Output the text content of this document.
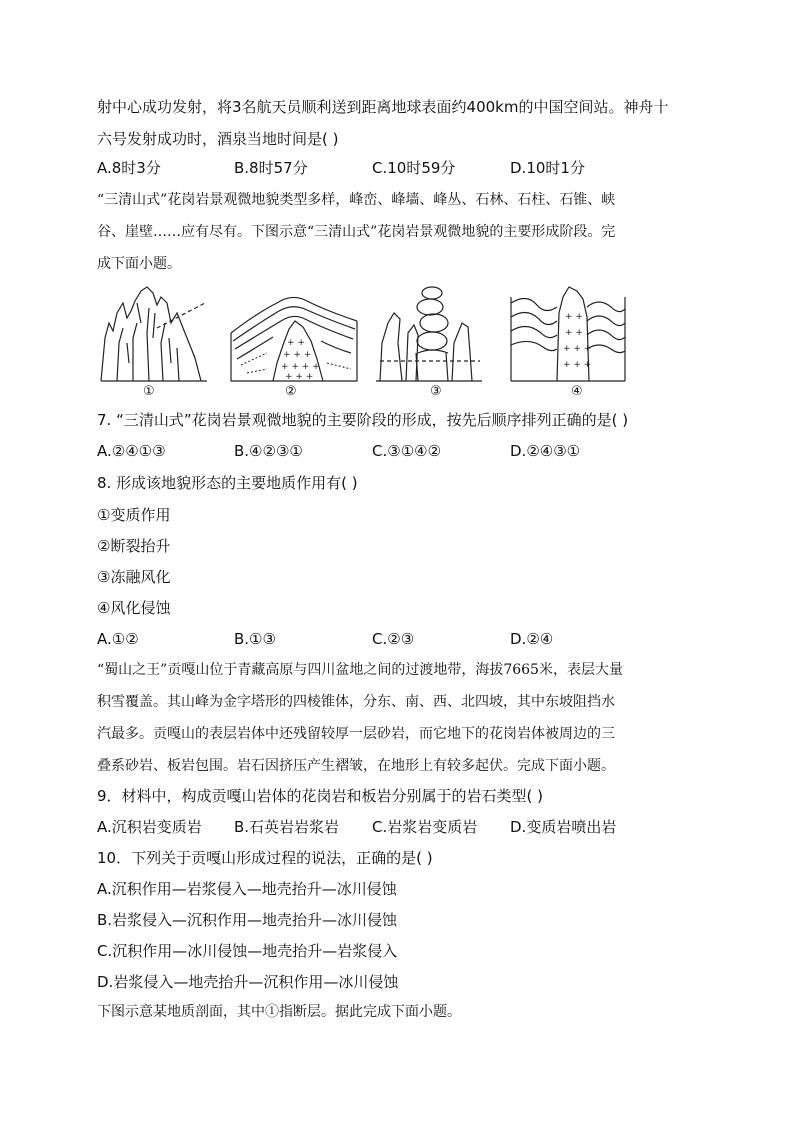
射中心成功发射，将3名航天员顺利送到距离地球表面约400km的中国空间站。神舟十
六号发射成功时，酒泉当地时间是( )
A.8时3分	B.8时57分	C.10时59分	D.10时1分
“三清山式”花岗岩景观微地貌类型多样，峰峦、峰墙、峰丛、石林、石柱、石锥、峡
谷、崖壁……应有尽有。下图示意“三清山式”花岗岩景观微地貌的主要形成阶段。完
成下面小题。
+ +
+ + +
+ + + +
+ + +
+ +
+ +
+ + +
+ + +
①	②	③	④
7. “三清山式”花岗岩景观微地貌的主要阶段的形成，按先后顺序排列正确的是( )
A.②④①③	B.④②③①	C.③①④②	D.②④③①
8. 形成该地貌形态的主要地质作用有( )
①变质作用
②断裂抬升
③冻融风化
④风化侵蚀
A.①②	B.①③	C.②③	D.②④
“蜀山之王”贡嘎山位于青藏高原与四川盆地之间的过渡地带，海拔7665米，表层大量
积雪覆盖。其山峰为金字塔形的四棱锥体，分东、南、西、北四坡，其中东坡阻挡水
汽最多。贡嘎山的表层岩体中还残留较厚一层砂岩，而它地下的花岗岩体被周边的三
叠系砂岩、板岩包围。岩石因挤压产生褶皱，在地形上有较多起伏。完成下面小题。
9．材料中，构成贡嘎山岩体的花岗岩和板岩分别属于的岩石类型( )
A.沉积岩变质岩 B.石英岩岩浆岩 C.岩浆岩变质岩 D.变质岩喷出岩
10．下列关于贡嘎山形成过程的说法，正确的是( )
A.沉积作用—岩浆侵入—地壳抬升—冰川侵蚀
B.岩浆侵入—沉积作用—地壳抬升—冰川侵蚀
C.沉积作用—冰川侵蚀—地壳抬升—岩浆侵入
D.岩浆侵入—地壳抬升—沉积作用—冰川侵蚀
下图示意某地质剖面，其中①指断层。据此完成下面小题。
